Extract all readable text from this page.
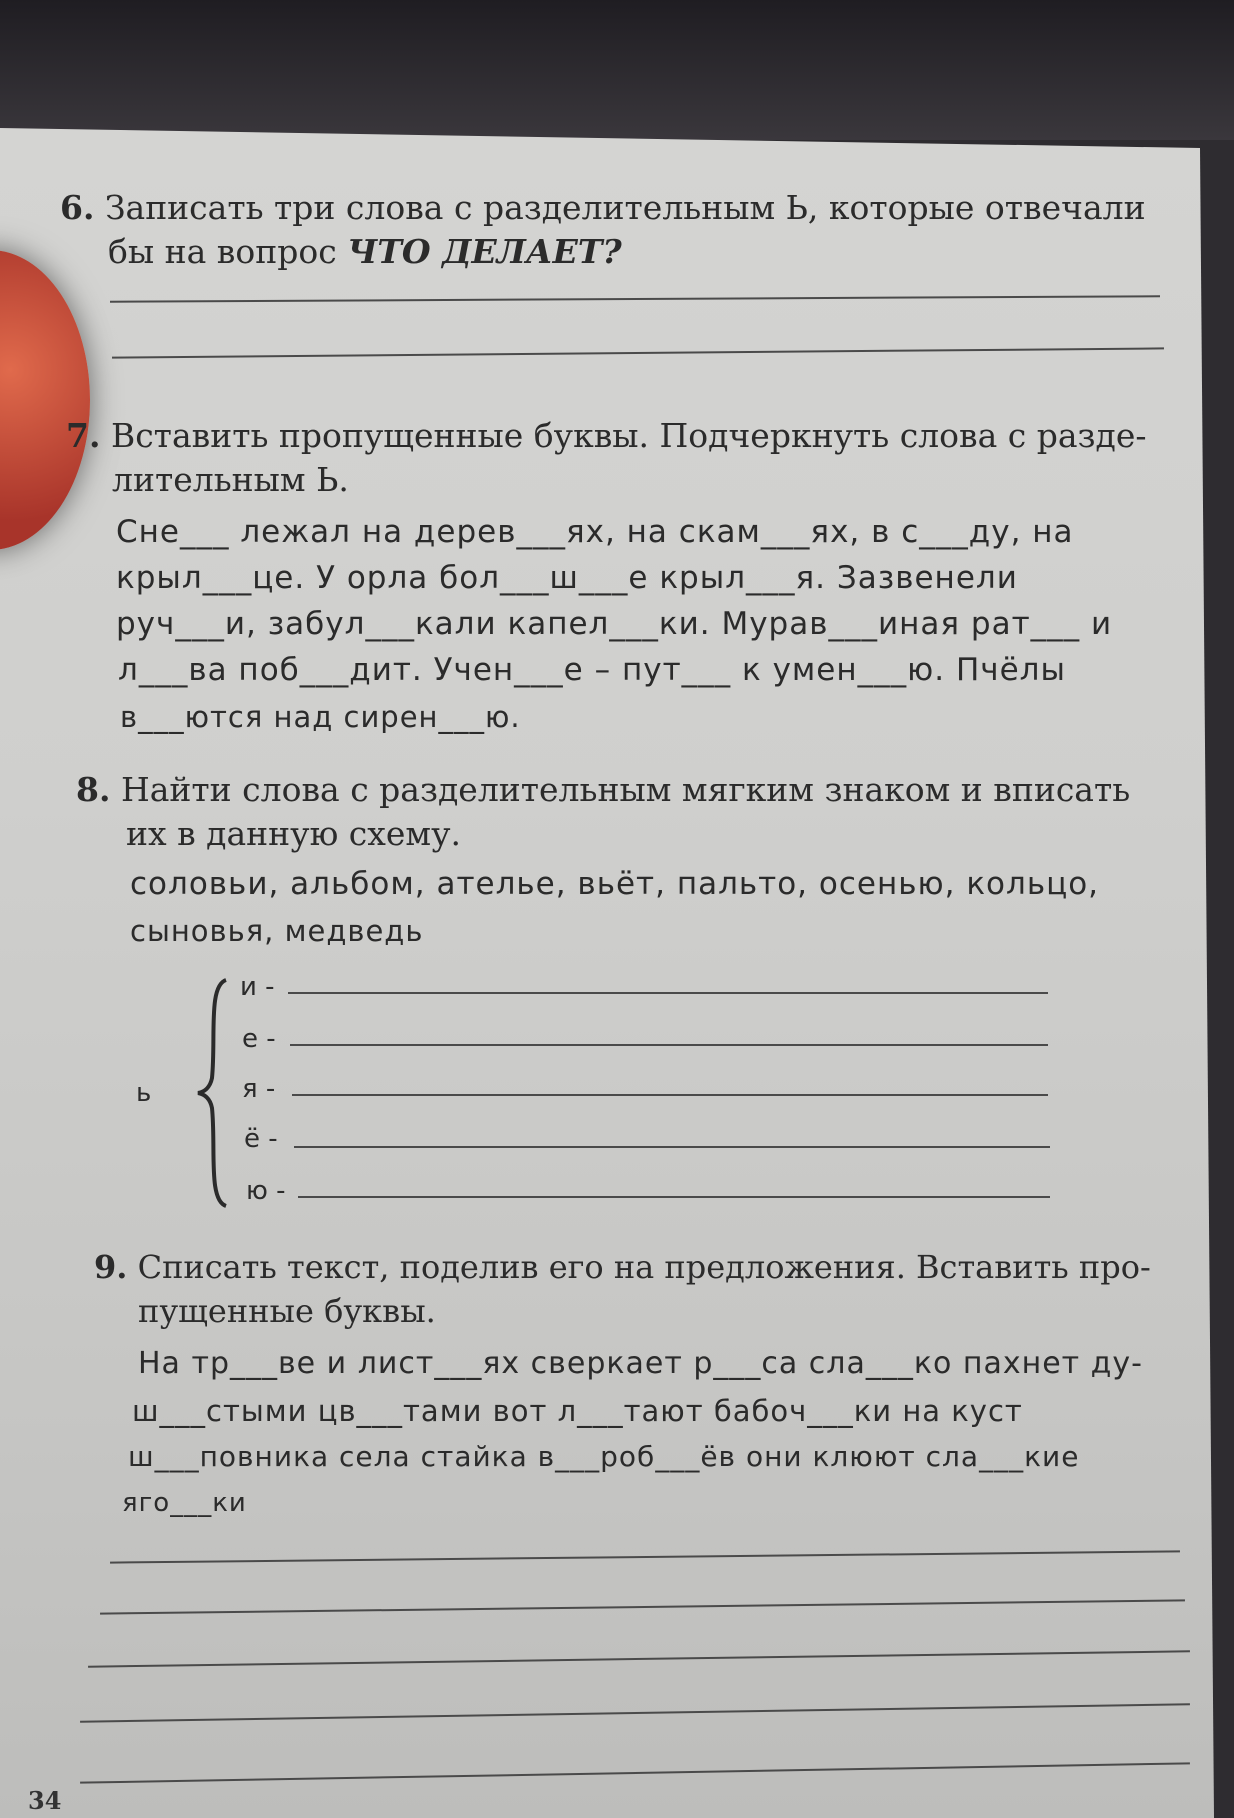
6. Записать три слова с разделительным Ь, которые отвечали
бы на вопрос ЧТО ДЕЛАЕТ?
7. Вставить пропущенные буквы. Подчеркнуть слова с разде-
лительным Ь.
Сне___ лежал на дерев___ях, на скам___ях, в с___ду, на
крыл___це. У орла бол___ш___е крыл___я. Зазвенели
руч___и, забул___кали капел___ки. Мурав___иная рат___ и
л___ва поб___дит. Учен___е – пут___ к умен___ю. Пчёлы
в___ются над сирен___ю.
8. Найти слова с разделительным мягким знаком и вписать
их в данную схему.
соловьи, альбом, ателье, вьёт, пальто, осенью, кольцо,
сыновья, медведь
ь
и -
е -
я -
ё -
ю -
9. Списать текст, поделив его на предложения. Вставить про-
пущенные буквы.
На тр___ве и лист___ях сверкает р___са сла___ко пахнет ду-
ш___стыми цв___тами вот л___тают бабоч___ки на куст
ш___повника села стайка в___роб___ёв они клюют сла___кие
яго___ки
34
